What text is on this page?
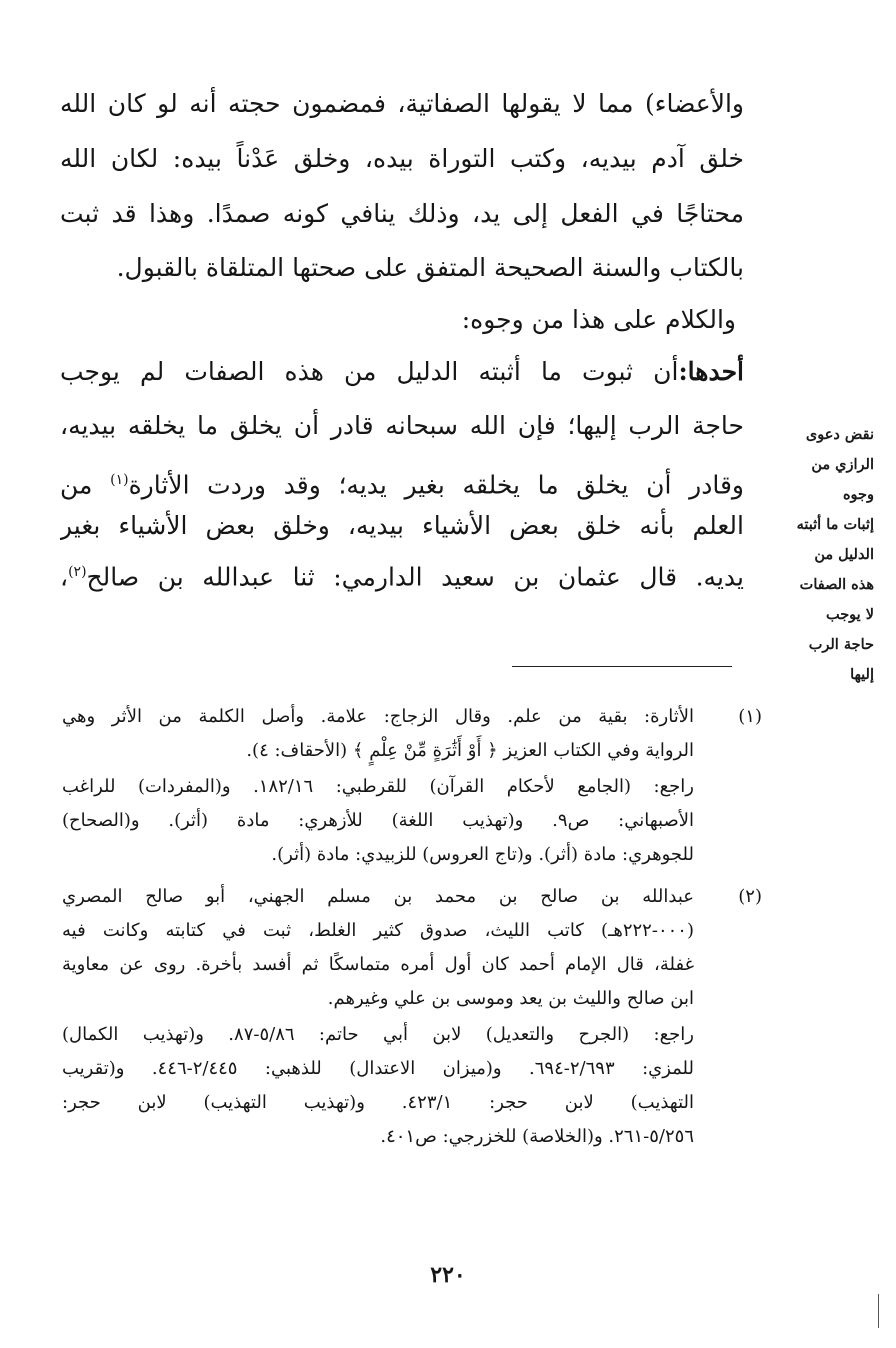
والأعضاء) مما لا يقولها الصفاتية، فمضمون حجته أنه لو كان الله
خلق آدم بيديه، وكتب التوراة بيده، وخلق عَدْناً بيده: لكان الله
محتاجًا في الفعل إلى يد، وذلك ينافي كونه صمدًا. وهذا قد ثبت
بالكتاب والسنة الصحيحة المتفق على صحتها المتلقاة بالقبول.
والكلام على هذا من وجوه:
أحدها:أن ثبوت ما أثبته الدليل من هذه الصفات لم يوجب
حاجة الرب إليها؛ فإن الله سبحانه قادر أن يخلق ما يخلقه بيديه،
وقادر أن يخلق ما يخلقه بغير يديه؛ وقد وردت الأثارة$^{(١)}$ من
العلم بأنه خلق بعض الأشياء بيديه، وخلق بعض الأشياء بغير
يديه. قال عثمان بن سعيد الدارمي: ثنا عبدالله بن صالح$^{(٢)}$،
نقض دعوى
الرازي من
وجوه
إثبات ما أثبته
الدليل من
هذه الصفات
لا يوجب
حاجة الرب
إليها
(١)
الأثارة: بقية من علم. وقال الزجاج: علامة. وأصل الكلمة من الأثر وهي
الرواية وفي الكتاب العزيز ﴿ أَوْ أَثَٰرَةٍ مِّنْ عِلْمٍ ﴾ (الأحقاف: ٤).
راجع: (الجامع لأحكام القرآن) للقرطبي: ١٨٢/١٦. و(المفردات) للراغب
الأصبهاني: ص٩. و(تهذيب اللغة) للأزهري: مادة (أثر). و(الصحاح)
للجوهري: مادة (أثر). و(تاج العروس) للزبيدي: مادة (أثر).
(٢)
عبدالله بن صالح بن محمد بن مسلم الجهني، أبو صالح المصري
(٠٠٠-٢٢٢هـ) كاتب الليث، صدوق كثير الغلط، ثبت في كتابته وكانت فيه
غفلة، قال الإمام أحمد كان أول أمره متماسكًا ثم أفسد بأخرة. روى عن معاوية
ابن صالح والليث بن يعد وموسى بن علي وغيرهم.
راجع: (الجرح والتعديل) لابن أبي حاتم: ٥/٨٦-٨٧. و(تهذيب الكمال)
للمزي: ٢/٦٩٣-٦٩٤. و(ميزان الاعتدال) للذهبي: ٢/٤٤٥-٤٤٦. و(تقريب
التهذيب) لابن حجر: ٤٢٣/١. و(تهذيب التهذيب) لابن حجر:
٥/٢٥٦-٢٦١. و(الخلاصة) للخزرجي: ص٤٠١.
٢٢٠
